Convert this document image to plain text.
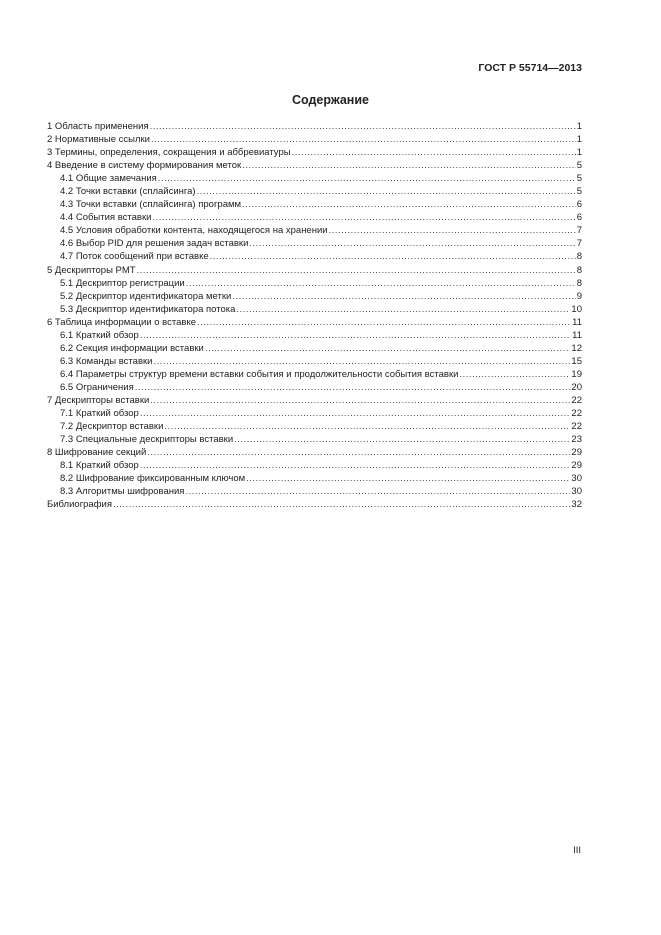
ГОСТ Р 55714—2013
Содержание
1 Область применения .....	1
2 Нормативные ссылки .....	1
3 Термины, определения, сокращения и аббревиатуры .....	1
4 Введение в систему формирования меток .....	5
4.1 Общие замечания .....	5
4.2 Точки вставки (сплайсинга) .....	5
4.3 Точки вставки (сплайсинга) программ .....	6
4.4 События вставки .....	6
4.5 Условия обработки контента, находящегося на хранении .....	7
4.6 Выбор PID для решения задач вставки .....	7
4.7 Поток сообщений при вставке .....	8
5 Дескрипторы PMT .....	8
5.1 Дескриптор регистрации .....	8
5.2 Дескриптор идентификатора метки .....	9
5.3 Дескриптор идентификатора потока .....	10
6 Таблица информации о вставке .....	11
6.1 Краткий обзор .....	11
6.2 Секция информации вставки .....	12
6.3 Команды вставки .....	15
6.4 Параметры структур времени вставки события и продолжительности события вставки .....	19
6.5 Ограничения .....	20
7 Дескрипторы вставки .....	22
7.1 Краткий обзор .....	22
7.2 Дескриптор вставки .....	22
7.3 Специальные дескрипторы вставки .....	23
8 Шифрование секций .....	29
8.1 Краткий обзор .....	29
8.2 Шифрование фиксированным ключом .....	30
8.3 Алгоритмы шифрования .....	30
Библиография .....	32
III
